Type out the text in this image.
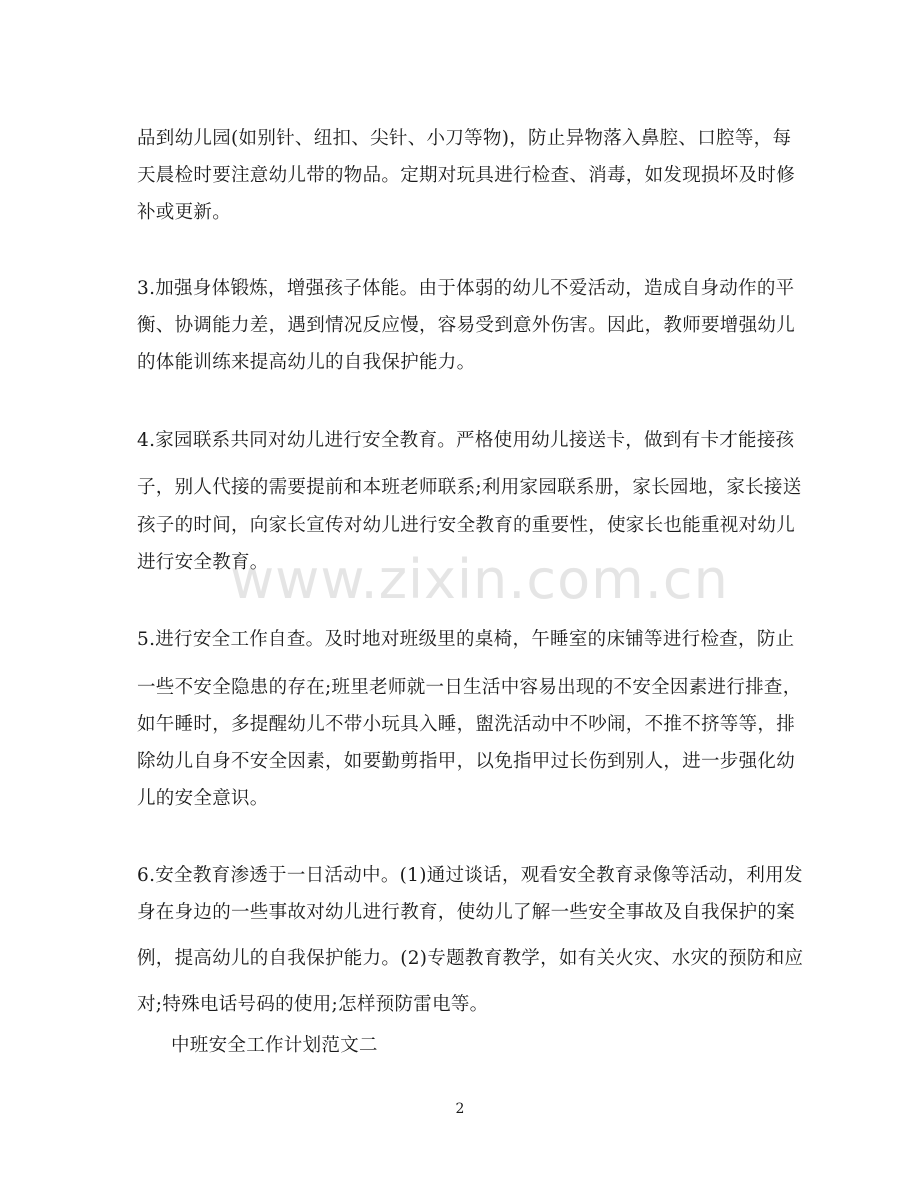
品到幼儿园(如别针、纽扣、尖针、小刀等物)，防止异物落入鼻腔、口腔等，每
天晨检时要注意幼儿带的物品。定期对玩具进行检查、消毒，如发现损坏及时修
补或更新。
3.加强身体锻炼，增强孩子体能。由于体弱的幼儿不爱活动，造成自身动作的平
衡、协调能力差，遇到情况反应慢，容易受到意外伤害。因此，教师要增强幼儿
的体能训练来提高幼儿的自我保护能力。
4.家园联系共同对幼儿进行安全教育。严格使用幼儿接送卡，做到有卡才能接孩
子，别人代接的需要提前和本班老师联系;利用家园联系册，家长园地，家长接送
孩子的时间，向家长宣传对幼儿进行安全教育的重要性，使家长也能重视对幼儿
进行安全教育。
5.进行安全工作自查。及时地对班级里的桌椅，午睡室的床铺等进行检查，防止
一些不安全隐患的存在;班里老师就一日生活中容易出现的不安全因素进行排查，
如午睡时，多提醒幼儿不带小玩具入睡，盥洗活动中不吵闹，不推不挤等等，排
除幼儿自身不安全因素，如要勤剪指甲，以免指甲过长伤到别人，进一步强化幼
儿的安全意识。
6.安全教育渗透于一日活动中。(1)通过谈话，观看安全教育录像等活动，利用发
身在身边的一些事故对幼儿进行教育，使幼儿了解一些安全事故及自我保护的案
例，提高幼儿的自我保护能力。(2)专题教育教学，如有关火灾、水灾的预防和应
对;特殊电话号码的使用;怎样预防雷电等。
中班安全工作计划范文二
www.zixin.com.cn
2
